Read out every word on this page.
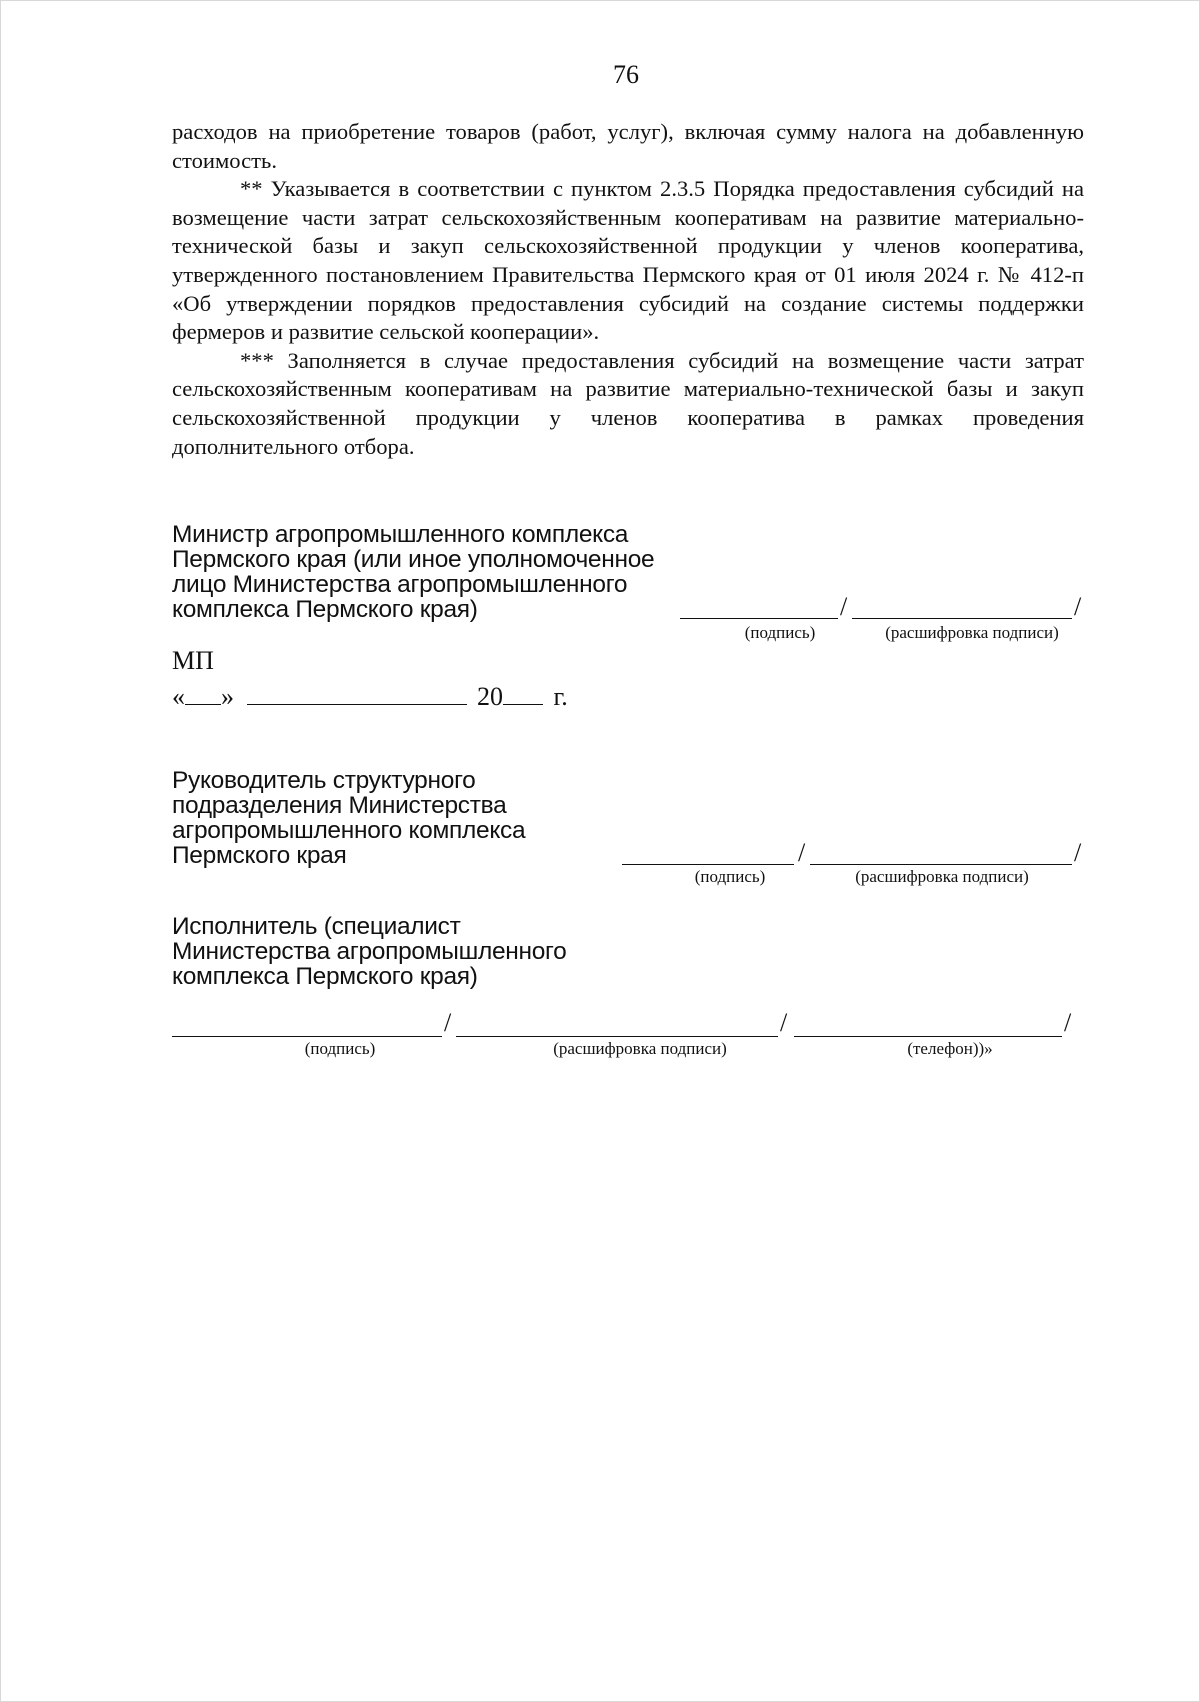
76

расходов на приобретение товаров (работ, услуг), включая сумму налога на добавленную стоимость.

** Указывается в соответствии с пунктом 2.3.5 Порядка предоставления субсидий на возмещение части затрат сельскохозяйственным кооперативам на развитие материально-технической базы и закуп сельскохозяйственной продукции у членов кооператива, утвержденного постановлением Правительства Пермского края от 01 июля 2024 г. № 412-п «Об утверждении порядков предоставления субсидий на создание системы поддержки фермеров и развитие сельской кооперации».

*** Заполняется в случае предоставления субсидий на возмещение части затрат сельскохозяйственным кооперативам на развитие материально-технической базы и закуп сельскохозяйственной продукции у членов кооператива в рамках проведения дополнительного отбора.

Министр агропромышленного комплекса
Пермского края (или иное уполномоченное
лицо Министерства агропромышленного
комплекса Пермского края)	/	/
(подпись)	(расшифровка подписи)
МП
« »	20 г.
Руководитель структурного
подразделения Министерства
агропромышленного комплекса
Пермского края	/	/
(подпись)	(расшифровка подписи)
Исполнитель (специалист
Министерства агропромышленного
комплекса Пермского края)
/	/	/
(подпись)	(расшифровка подписи)	(телефон))»
